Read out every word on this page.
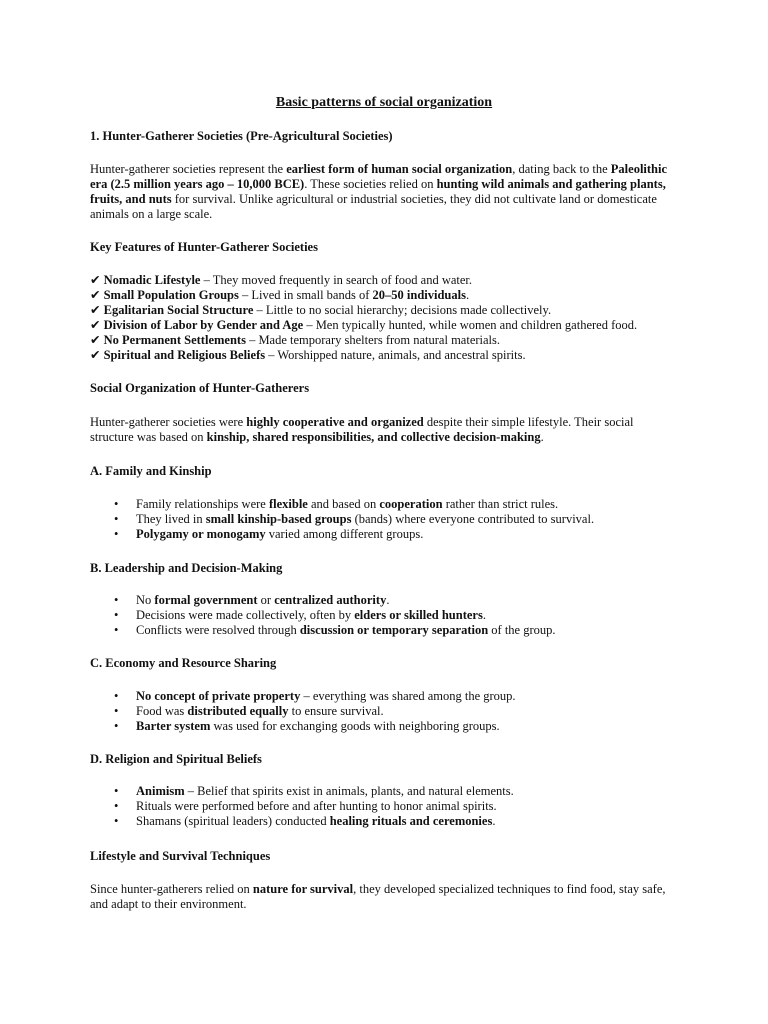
Basic patterns of social organization
1. Hunter-Gatherer Societies (Pre-Agricultural Societies)

Hunter-gatherer societies represent the earliest form of human social organization, dating back to the Paleolithic era (2.5 million years ago – 10,000 BCE). These societies relied on hunting wild animals and gathering plants, fruits, and nuts for survival. Unlike agricultural or industrial societies, they did not cultivate land or domesticate animals on a large scale.

Key Features of Hunter-Gatherer Societies
✔ Nomadic Lifestyle – They moved frequently in search of food and water.
✔ Small Population Groups – Lived in small bands of 20–50 individuals.
✔ Egalitarian Social Structure – Little to no social hierarchy; decisions made collectively.
✔ Division of Labor by Gender and Age – Men typically hunted, while women and children gathered food.
✔ No Permanent Settlements – Made temporary shelters from natural materials.
✔ Spiritual and Religious Beliefs – Worshipped nature, animals, and ancestral spirits.
Social Organization of Hunter-Gatherers

Hunter-gatherer societies were highly cooperative and organized despite their simple lifestyle. Their social structure was based on kinship, shared responsibilities, and collective decision-making.

A. Family and Kinship
• Family relationships were flexible and based on cooperation rather than strict rules.
• They lived in small kinship-based groups (bands) where everyone contributed to survival.
• Polygamy or monogamy varied among different groups.
B. Leadership and Decision-Making
• No formal government or centralized authority.
• Decisions were made collectively, often by elders or skilled hunters.
• Conflicts were resolved through discussion or temporary separation of the group.
C. Economy and Resource Sharing
• No concept of private property – everything was shared among the group.
• Food was distributed equally to ensure survival.
• Barter system was used for exchanging goods with neighboring groups.
D. Religion and Spiritual Beliefs
• Animism – Belief that spirits exist in animals, plants, and natural elements.
• Rituals were performed before and after hunting to honor animal spirits.
• Shamans (spiritual leaders) conducted healing rituals and ceremonies.
Lifestyle and Survival Techniques

Since hunter-gatherers relied on nature for survival, they developed specialized techniques to find food, stay safe, and adapt to their environment.
